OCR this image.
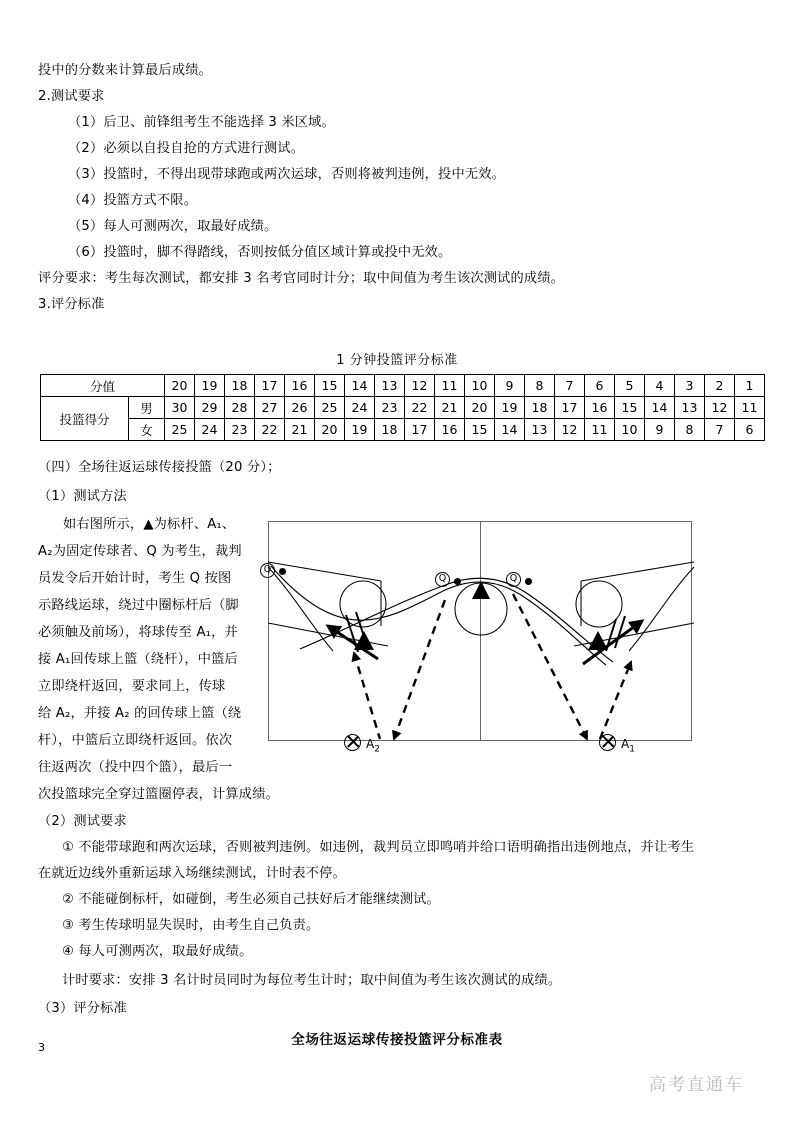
投中的分数来计算最后成绩。
2.测试要求
（1）后卫、前锋组考生不能选择 3 米区域。
（2）必须以自投自抢的方式进行测试。
（3）投篮时，不得出现带球跑或两次运球，否则将被判违例，投中无效。
（4）投篮方式不限。
（5）每人可测两次，取最好成绩。
（6）投篮时，脚不得踏线，否则按低分值区域计算或投中无效。
评分要求：考生每次测试，都安排 3 名考官同时计分；取中间值为考生该次测试的成绩。
3.评分标准
1 分钟投篮评分标准
分值		20	19	18	17	16	15	14	13	12	11	10	9	8	7	6	5	4	3	2	1
投篮得分	男	30	29	28	27	26	25	24	23	22	21	20	19	18	17	16	15	14	13	12	11
	女	25	24	23	22	21	20	19	18	17	16	15	14	13	12	11	10	9	8	7	6
（四）全场往返运球传接投篮（20 分）；
（1）测试方法
如右图所示，▲为标杆、A₁、
A₂为固定传球者、Q 为考生，裁判
员发令后开始计时，考生 Q 按图
示路线运球，绕过中圈标杆后（脚
必须触及前场），将球传至 A₁，并
接 A₁回传球上篮（绕杆），中篮后
立即绕杆返回，要求同上，传球
给 A₂，并接 A₂ 的回传球上篮（绕
杆），中篮后立即绕杆返回。依次
往返两次（投中四个篮），最后一
次投篮球完全穿过篮圈停表，计算成绩。
Q
Q	Q
$A_2$	$A_1$
（2）测试要求
① 不能带球跑和两次运球，否则被判违例。如违例，裁判员立即鸣哨并给口语明确指出违例地点，并让考生
在就近边线外重新运球入场继续测试，计时表不停。
② 不能碰倒标杆，如碰倒，考生必须自己扶好后才能继续测试。
③ 考生传球明显失误时，由考生自己负责。
④ 每人可测两次，取最好成绩。
计时要求：安排 3 名计时员同时为每位考生计时；取中间值为考生该次测试的成绩。
（3）评分标准
全场往返运球传接投篮评分标准表
3
高考直通车
